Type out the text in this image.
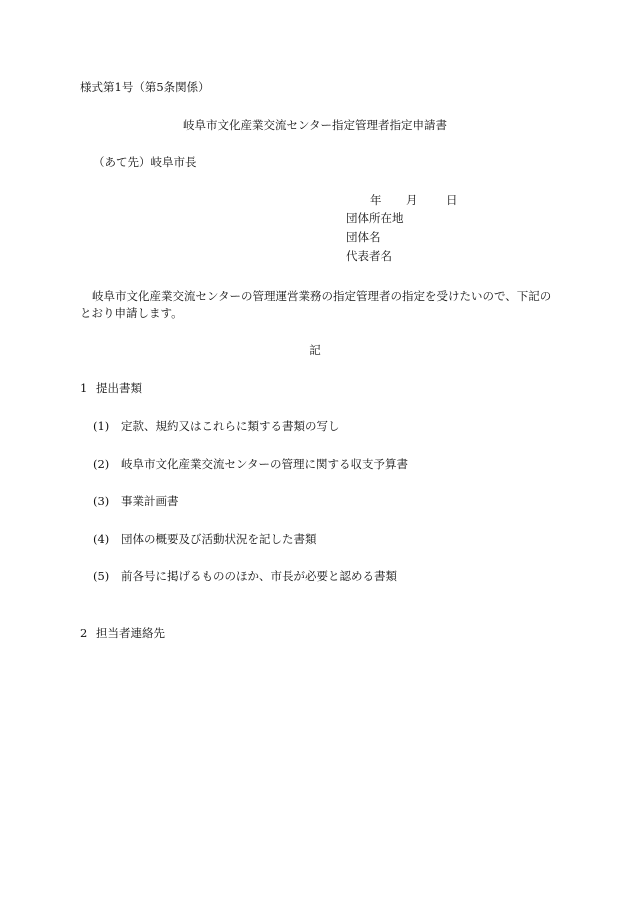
様式第1号（第5条関係）
岐阜市文化産業交流センター指定管理者指定申請書
（あて先）岐阜市長
年 月 日
団体所在地
団体名
代表者名
岐阜市文化産業交流センターの管理運営業務の指定管理者の指定を受けたいので、下記のとおり申請します。
記
1 提出書類
(1) 定款、規約又はこれらに類する書類の写し
(2) 岐阜市文化産業交流センターの管理に関する収支予算書
(3) 事業計画書
(4) 団体の概要及び活動状況を記した書類
(5) 前各号に掲げるもののほか、市長が必要と認める書類
2 担当者連絡先
